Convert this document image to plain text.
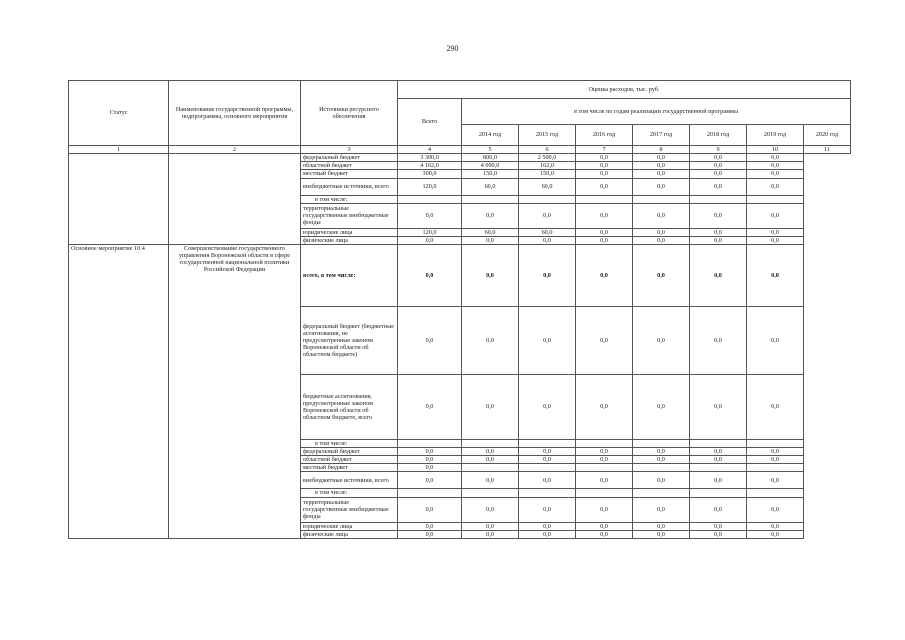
290
Статус	Наименование государственной программы, подпрограммы, основного мероприятия	Источники ресурсного обеспечения	Оценка расходов, тыс. руб.							
			Всего	в том числе по годам реализации государственной программы						
				2014 год	2015 год	2016 год	2017 год	2018 год	2019 год	2020 год
1	2	3	4	5	6	7	8	9	10	11
		федеральный бюджет	3 300,0	800,0	2 500,0	0,0	0,0	0,0	0,0	
		областной бюджет	4 162,0	4 000,0	162,0	0,0	0,0	0,0	0,0	
		местный бюджет	300,0	150,0	150,0	0,0	0,0	0,0	0,0	
		внебюджетные источники, всего	120,0	60,0	60,0	0,0	0,0	0,0	0,0	
		в том числе:								
		территориальные государственные внебюджетные фонды	0,0	0,0	0,0	0,0	0,0	0,0	0,0	
		юридические лица	120,0	60,0	60,0	0,0	0,0	0,0	0,0	
		физические лица	0,0	0,0	0,0	0,0	0,0	0,0	0,0	
Основное мероприятие 10.4	Совершенствование государственного управления Воронежской области в сфере государственной национальной политики Российской Федерации	всего, в том числе:	0,0	0,0	0,0	0,0	0,0	0,0	0,0	
		федеральный бюджет (бюджетные ассигнования, не предусмотренные законом Воронежской области об областном бюджете)	0,0	0,0	0,0	0,0	0,0	0,0	0,0	
		бюджетные ассигнования, предусмотренные законом Воронежской области об областном бюджете, всего	0,0	0,0	0,0	0,0	0,0	0,0	0,0	
		в том числе:								
		федеральный бюджет	0,0	0,0	0,0	0,0	0,0	0,0	0,0	
		областной бюджет	0,0	0,0	0,0	0,0	0,0	0,0	0,0	
		местный бюджет	0,0							
		внебюджетные источники, всего	0,0	0,0	0,0	0,0	0,0	0,0	0,0	
		в том числе:								
		территориальные государственные внебюджетные фонды	0,0	0,0	0,0	0,0	0,0	0,0	0,0	
		юридические лица	0,0	0,0	0,0	0,0	0,0	0,0	0,0	
		физические лица	0,0	0,0	0,0	0,0	0,0	0,0	0,0	
